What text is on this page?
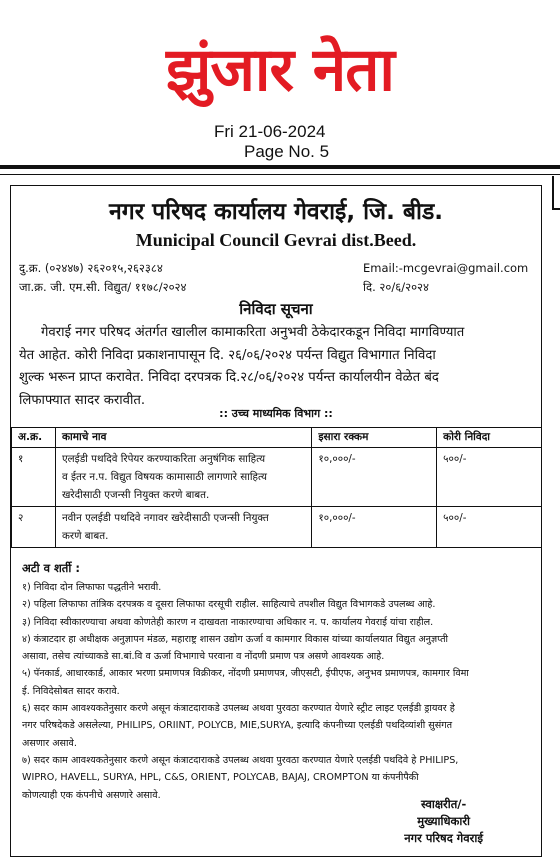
झुंजार नेता
Fri 21-06-2024
Page No. 5
नगर परिषद कार्यालय गेवराई, जि. बीड.
Municipal Council Gevrai dist.Beed.
दु.क्र. (०२४४७) २६२०१५,२६२३८४	Email:-mcgevrai@gmail.com
जा.क्र. जी. एम.सी. विद्युत/ ११७८/२०२४	दि. २०/६/२०२४
निविदा सूचना
गेवराई नगर परिषद अंतर्गत खालील कामाकरिता अनुभवी ठेकेदारकडून निविदा मागविण्यात
येत आहेत. कोरी निविदा प्रकाशनापासून दि. २६/०६/२०२४ पर्यन्त विद्युत विभागात निविदा
शुल्क भरून प्राप्त करावेत. निविदा दरपत्रक दि.२८/०६/२०२४ पर्यन्त कार्यालयीन वेळेत बंद
लिफाफ्यात सादर करावीत.
:: उच्च माध्यमिक विभाग ::
अ.क्र.	कामाचे नाव	इसारा रक्कम	कोरी निविदा
१	एलईडी पथदिवे रिपेयर करण्याकरिता अनुषंगिक साहित्य
व ईतर न.प. विद्युत विषयक कामासाठी लागणारे साहित्य
खरेदीसाठी एजन्सी नियुक्त करणे बाबत.	१०,०००/-	५००/-
२	नवीन एलईडी पथदिवे नगावर खरेदीसाठी एजन्सी नियुक्त
करणे बाबत.	१०,०००/-	५००/-
अटी व शर्ती :
१) निविदा दोन लिफाफा पद्धतीने भरावी.
२) पहिला लिफाफा तांत्रिक दरपत्रक व दूसरा लिफाफा दरसूची राहील. साहित्याचे तपशील विद्युत विभागकडे उपलब्ध आहे.
३) निविदा स्वीकारण्याचा अथवा कोणतेही कारण न दाखवता नाकारण्याचा अधिकार न. प. कार्यालय गेवराई यांचा राहील.
४) कंत्राटदार हा अधीक्षक अनुज्ञापन मंडळ, महाराष्ट्र शासन उद्योग ऊर्जा व कामगार विकास यांच्या कार्यालयात विद्युत अनुज्ञप्ती
असावा, तसेच त्यांच्याकडे सा.बां.वि व ऊर्जा विभागाचे परवाना व नोंदणी प्रमाण पत्र असणे आवश्यक आहे.
५) पॅनकार्ड, आधारकार्ड, आकार भरणा प्रमाणपत्र विक्रीकर, नोंदणी प्रमाणपत्र, जीएसटी, ईपीएफ, अनुभव प्रमाणपत्र, कामगार विमा
ई. निविदेसोबत सादर करावे.
६) सदर काम आवश्यकतेनुसार करणे असून कंत्राटदाराकडे उपलब्ध अथवा पुरवठा करण्यात येणारे स्ट्रीट लाइट एलईडी ड्रायवर हे
नगर परिषदेकडे असलेल्या, PHILIPS, ORIINT, POLYCB, MIE,SURYA, इत्यादि कंपनीच्या एलईडी पथदिव्यांशी सुसंगत
असणार असावे.
७) सदर काम आवश्यकतेनुसार करणे असून कंत्राटदाराकडे उपलब्ध अथवा पुरवठा करण्यात येणारे एलईडी पथदिवे हे PHILIPS,
WIPRO, HAVELL, SURYA, HPL, C&S, ORIENT, POLYCAB, BAJAJ, CROMPTON या कंपनीपैकी
कोणत्याही एक कंपनीचे असणारे असावे.
स्वाक्षरीत/-
मुख्याधिकारी
नगर परिषद गेवराई
